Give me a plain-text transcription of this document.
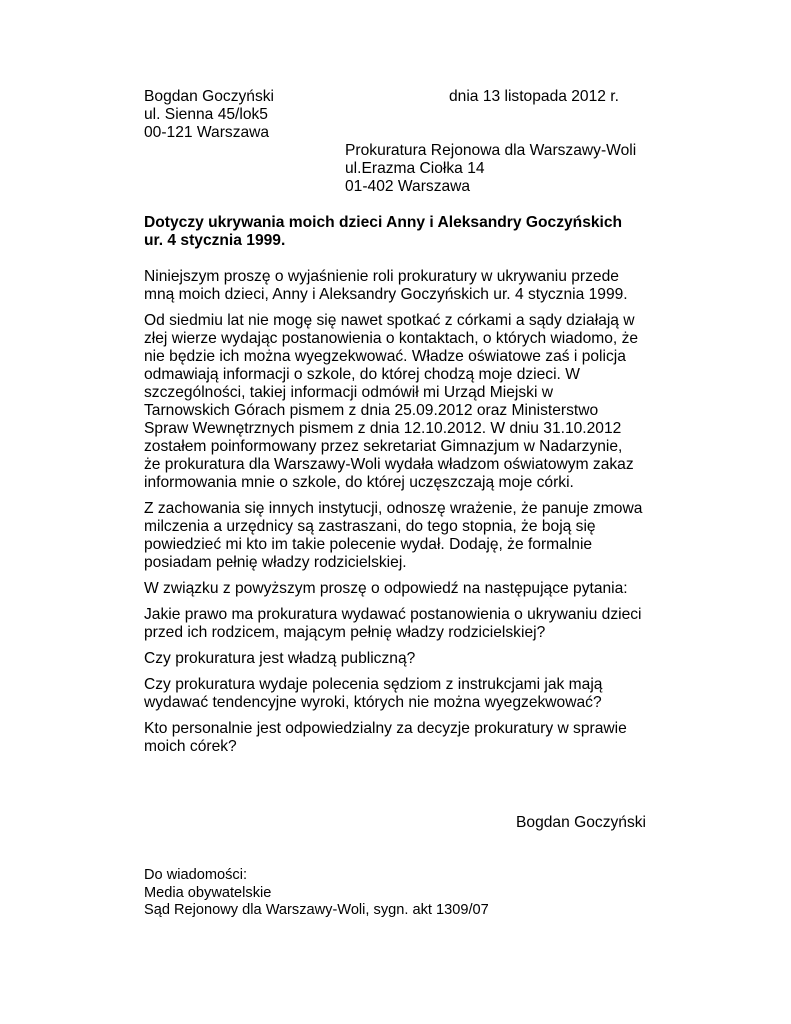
Bogdan Goczyński
ul. Sienna 45/lok5
00-121 Warszawa
dnia 13 listopada 2012 r.
Prokuratura Rejonowa dla Warszawy-Woli
ul.Erazma Ciołka 14
01-402 Warszawa
Dotyczy ukrywania moich dzieci Anny i Aleksandry Goczyńskich
ur. 4 stycznia 1999.

Niniejszym proszę o wyjaśnienie roli prokuratury w ukrywaniu przede
mną moich dzieci, Anny i Aleksandry Goczyńskich ur. 4 stycznia 1999.

Od siedmiu lat nie mogę się nawet spotkać z córkami a sądy działają w
złej wierze wydając postanowienia o kontaktach, o których wiadomo, że
nie będzie ich można wyegzekwować. Władze oświatowe zaś i policja
odmawiają informacji o szkole, do której chodzą moje dzieci. W
szczególności, takiej informacji odmówił mi Urząd Miejski w
Tarnowskich Górach pismem z dnia 25.09.2012 oraz Ministerstwo
Spraw Wewnętrznych pismem z dnia 12.10.2012. W dniu 31.10.2012
zostałem poinformowany przez sekretariat Gimnazjum w Nadarzynie,
że prokuratura dla Warszawy-Woli wydała władzom oświatowym zakaz
informowania mnie o szkole, do której uczęszczają moje córki.

Z zachowania się innych instytucji, odnoszę wrażenie, że panuje zmowa
milczenia a urzędnicy są zastraszani, do tego stopnia, że boją się
powiedzieć mi kto im takie polecenie wydał. Dodaję, że formalnie
posiadam pełnię władzy rodzicielskiej.

W związku z powyższym proszę o odpowiedź na następujące pytania:

Jakie prawo ma prokuratura wydawać postanowienia o ukrywaniu dzieci
przed ich rodzicem, mającym pełnię władzy rodzicielskiej?

Czy prokuratura jest władzą publiczną?

Czy prokuratura wydaje polecenia sędziom z instrukcjami jak mają
wydawać tendencyjne wyroki, których nie można wyegzekwować?

Kto personalnie jest odpowiedzialny za decyzje prokuratury w sprawie
moich córek?

Bogdan Goczyński
Do wiadomości:
Media obywatelskie
Sąd Rejonowy dla Warszawy-Woli, sygn. akt 1309/07
